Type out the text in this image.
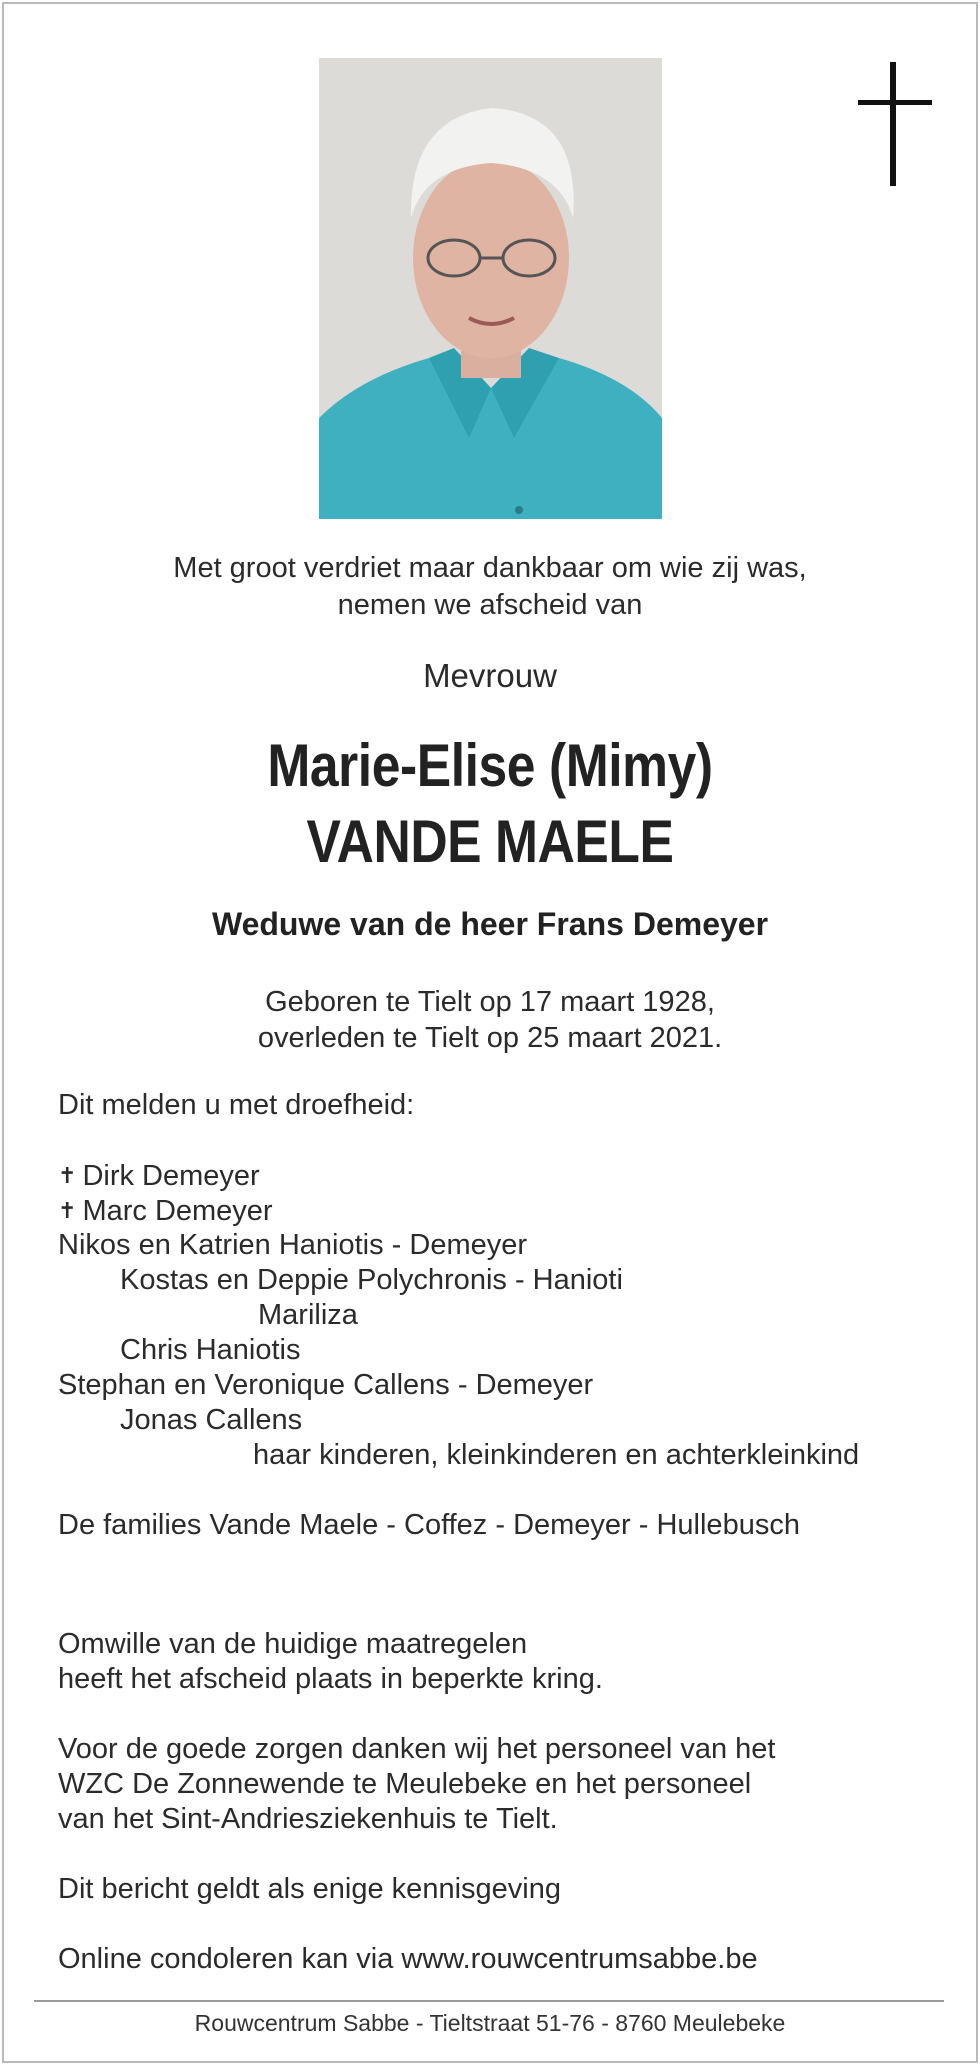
Met groot verdriet maar dankbaar om wie zij was,
nemen we afscheid van
Mevrouw
Marie-Elise (Mimy)
VANDE MAELE
Weduwe van de heer Frans Demeyer
Geboren te Tielt op 17 maart 1928,
overleden te Tielt op 25 maart 2021.
Dit melden u met droefheid:
✝ Dirk Demeyer
✝ Marc Demeyer
Nikos en Katrien Haniotis - Demeyer
Kostas en Deppie Polychronis - Hanioti
Mariliza
Chris Haniotis
Stephan en Veronique Callens - Demeyer
Jonas Callens
haar kinderen, kleinkinderen en achterkleinkind
De families Vande Maele - Coffez - Demeyer - Hullebusch
Omwille van de huidige maatregelen
heeft het afscheid plaats in beperkte kring.
Voor de goede zorgen danken wij het personeel van het
WZC De Zonnewende te Meulebeke en het personeel
van het Sint-Andriesziekenhuis te Tielt.
Dit bericht geldt als enige kennisgeving
Online condoleren kan via www.rouwcentrumsabbe.be
Rouwcentrum Sabbe - Tieltstraat 51-76 - 8760 Meulebeke
